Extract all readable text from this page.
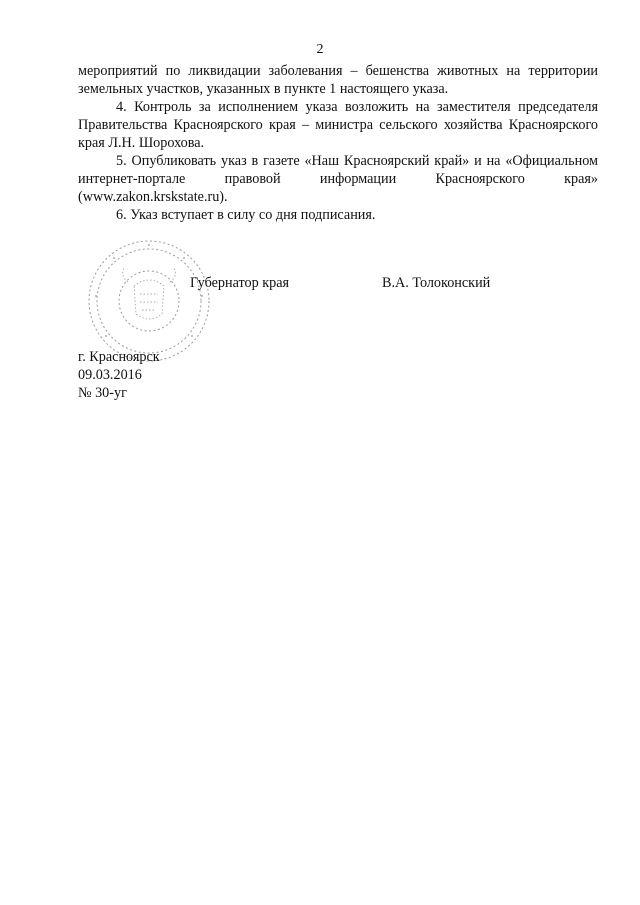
2

мероприятий по ликвидации заболевания – бешенства животных на территории земельных участков, указанных в пункте 1 настоящего указа.

4. Контроль за исполнением указа возложить на заместителя председателя Правительства Красноярского края – министра сельского хозяйства Красноярского края Л.Н. Шорохова.

5. Опубликовать указ в газете «Наш Красноярский край» и на «Официальном интернет-портале правовой информации Красноярского края» (www.zakon.krskstate.ru).

6. Указ вступает в силу со дня подписания.

Губернатор края	В.А. Толоконский
г. Красноярск
09.03.2016
№ 30-уг
